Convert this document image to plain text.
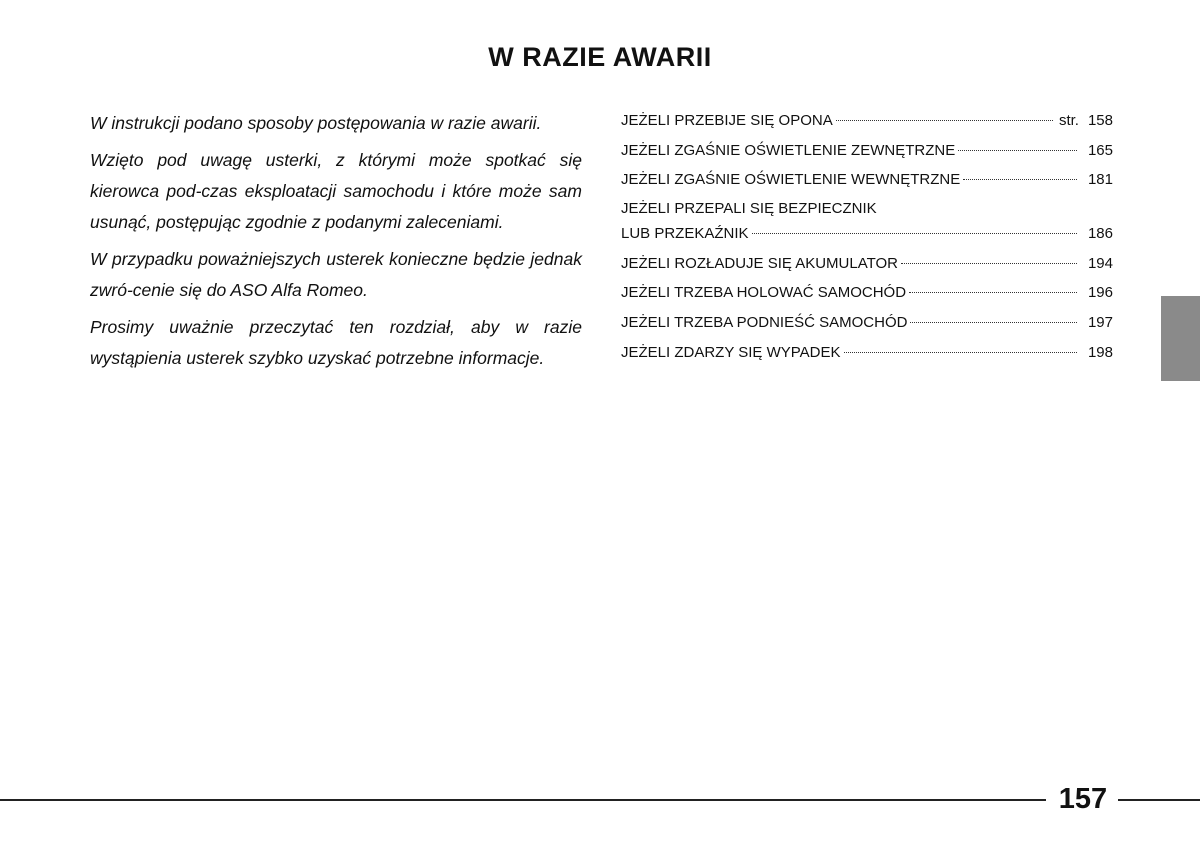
W RAZIE AWARII

W instrukcji podano sposoby postępowania w razie awarii.

Wzięto pod uwagę usterki, z którymi może spotkać się kierowca pod-czas eksploatacji samochodu i które może sam usunąć, postępując zgodnie z podanymi zaleceniami.

W przypadku poważniejszych usterek konieczne będzie jednak zwró-cenie się do ASO Alfa Romeo.

Prosimy uważnie przeczytać ten rozdział, aby w razie wystąpienia usterek szybko uzyskać potrzebne informacje.

JEŻELI PRZEBIJE SIĘ OPONA	str. 158
JEŻELI ZGAŚNIE OŚWIETLENIE ZEWNĘTRZNE	165
JEŻELI ZGAŚNIE OŚWIETLENIE WEWNĘTRZNE	181
JEŻELI PRZEPALI SIĘ BEZPIECZNIK
LUB PRZEKAŹNIK	186
JEŻELI ROZŁADUJE SIĘ AKUMULATOR	194
JEŻELI TRZEBA HOLOWAĆ SAMOCHÓD	196
JEŻELI TRZEBA PODNIEŚĆ SAMOCHÓD	197
JEŻELI ZDARZY SIĘ WYPADEK	198
157
